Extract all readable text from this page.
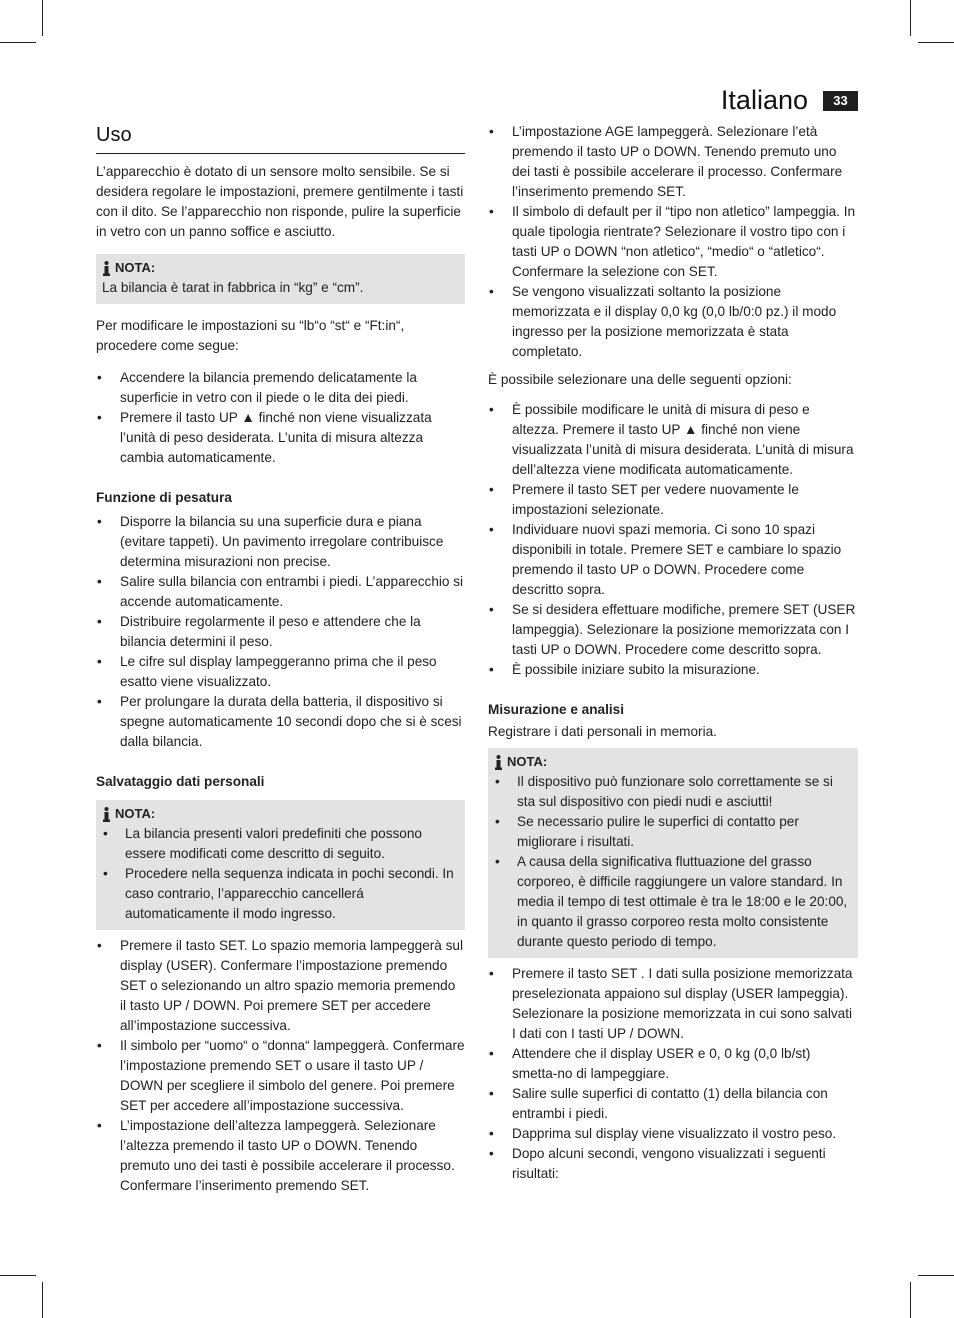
Italiano	33
Uso

L’apparecchio è dotato di un sensore molto sensibile. Se si desidera regolare le impostazioni, premere gentilmente i tasti con il dito. Se l’apparecchio non risponde, pulire la superficie in vetro con un panno soffice e asciutto.

NOTA:

La bilancia è tarat in fabbrica in “kg” e “cm”.

Per modificare le impostazioni su “lb“o “st“ e “Ft:in“, procedere come segue:

• Accendere la bilancia premendo delicatamente la superficie in vetro con il piede o le dita dei piedi.
• Premere il tasto UP ▲ finché non viene visualizzata l’unità di peso desiderata. L’unita di misura altezza cambia automaticamente.
Funzione di pesatura
• Disporre la bilancia su una superficie dura e piana (evitare tappeti). Un pavimento irregolare contribuisce determina misurazioni non precise.
• Salire sulla bilancia con entrambi i piedi. L’apparecchio si accende automaticamente.
• Distribuire regolarmente il peso e attendere che la bilancia determini il peso.
• Le cifre sul display lampeggeranno prima che il peso esatto viene visualizzato.
• Per prolungare la durata della batteria, il dispositivo si spegne automaticamente 10 secondi dopo che si è scesi dalla bilancia.
Salvataggio dati personali
NOTA:
• La bilancia presenti valori predefiniti che possono essere modificati come descritto di seguito.
• Procedere nella sequenza indicata in pochi secondi. In caso contrario, l’apparecchio cancellerá automaticamente il modo ingresso.
• Premere il tasto SET. Lo spazio memoria lampeggerà sul display (USER). Confermare l’impostazione premendo SET o selezionando un altro spazio memoria premendo il tasto UP / DOWN. Poi premere SET per accedere all’impostazione successiva.
• Il simbolo per “uomo“ o “donna“ lampeggerà. Confermare l’impostazione premendo SET o usare il tasto UP / DOWN per scegliere il simbolo del genere. Poi premere SET per accedere all’impostazione successiva.
• L’impostazione dell’altezza lampeggerà. Selezionare l’altezza premendo il tasto UP o DOWN. Tenendo premuto uno dei tasti è possibile accelerare il processo. Confermare l’inserimento premendo SET.
• L’impostazione AGE lampeggerà. Selezionare l’età premendo il tasto UP o DOWN. Tenendo premuto uno dei tasti è possibile accelerare il processo. Confermare l’inserimento premendo SET.
• Il simbolo di default per il “tipo non atletico” lampeggia. In quale tipologia rientrate? Selezionare il vostro tipo con i tasti UP o DOWN “non atletico“, “medio“ o “atletico“. Confermare la selezione con SET.
• Se vengono visualizzati soltanto la posizione memorizzata e il display 0,0 kg (0,0 lb/0:0 pz.) il modo ingresso per la posizione memorizzata è stata completato.

È possibile selezionare una delle seguenti opzioni:

• È possibile modificare le unità di misura di peso e altezza. Premere il tasto UP ▲ finché non viene visualizzata l’unità di misura desiderata. L’unità di misura dell’altezza viene modificata automaticamente.
• Premere il tasto SET per vedere nuovamente le impostazioni selezionate.
• Individuare nuovi spazi memoria. Ci sono 10 spazi disponibili in totale. Premere SET e cambiare lo spazio premendo il tasto UP o DOWN. Procedere come descritto sopra.
• Se si desidera effettuare modifiche, premere SET (USER lampeggia). Selezionare la posizione memorizzata con I tasti UP o DOWN. Procedere come descritto sopra.
• È possibile iniziare subito la misurazione.
Misurazione e analisi

Registrare i dati personali in memoria.

NOTA:
• Il dispositivo può funzionare solo correttamente se si sta sul dispositivo con piedi nudi e asciutti!
• Se necessario pulire le superfici di contatto per migliorare i risultati.
• A causa della significativa fluttuazione del grasso corporeo, è difficile raggiungere un valore standard. In media il tempo di test ottimale è tra le 18:00 e le 20:00, in quanto il grasso corporeo resta molto consistente durante questo periodo di tempo.
• Premere il tasto SET . I dati sulla posizione memorizzata preselezionata appaiono sul display (USER lampeggia). Selezionare la posizione memorizzata in cui sono salvati I dati con I tasti UP / DOWN.
• Attendere che il display USER e 0, 0 kg (0,0 lb/st) smetta-no di lampeggiare.
• Salire sulle superfici di contatto (1) della bilancia con entrambi i piedi.
• Dapprima sul display viene visualizzato il vostro peso.
• Dopo alcuni secondi, vengono visualizzati i seguenti risultati:
